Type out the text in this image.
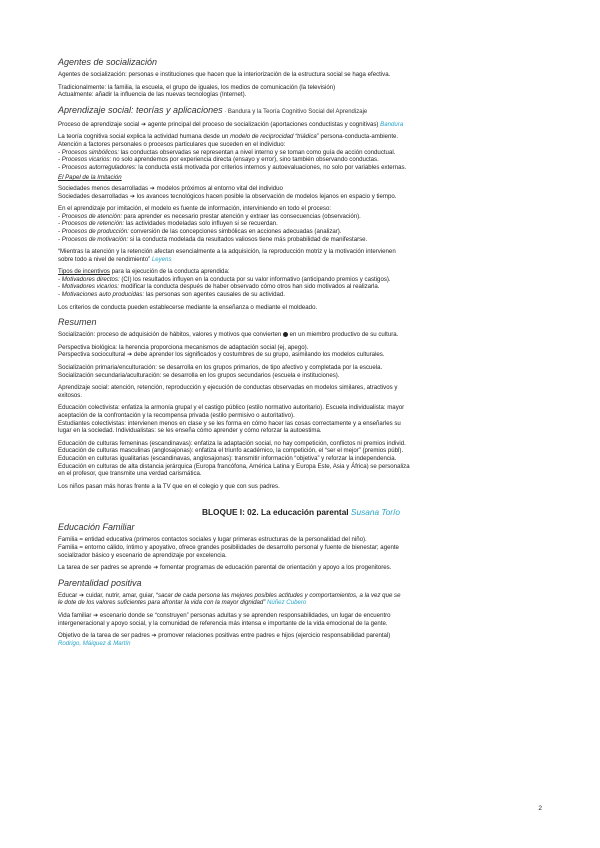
Agentes de socialización

Agentes de socialización: personas e instituciones que hacen que la interiorización de la estructura social se haga efectiva.

Tradicionalmente: la familia, la escuela, el grupo de iguales, los medios de comunicación (la televisión)

Actualmente: añadir la influencia de las nuevas tecnologías (Internet).

Aprendizaje social: teorías y aplicaciones · Bandura y la Teoría Cognitivo Social del Aprendizaje

Proceso de aprendizaje social ➔ agente principal del proceso de socialización (aportaciones conductistas y cognitivas) Bandura

La teoría cognitiva social explica la actividad humana desde un modelo de reciprocidad “triádica” persona-conducta-ambiente.

Atención a factores personales o procesos particulares que suceden en el individuo:

- Procesos simbólicos: las conductas observadas se representan a nivel interno y se toman como guía de acción conductual.

- Procesos vicarios: no solo aprendemos por experiencia directa (ensayo y error), sino también observando conductas.

- Procesos autorreguladores: la conducta está motivada por criterios internos y autoevaluaciones, no solo por variables externas.

El Papel de la Imitación

Sociedades menos desarrolladas ➔ modelos próximos al entorno vital del individuo

Sociedades desarrolladas ➔ los avances tecnológicos hacen posible la observación de modelos lejanos en espacio y tiempo.

En el aprendizaje por imitación, el modelo es fuente de información, interviniendo en todo el proceso:

- Procesos de atención: para aprender es necesario prestar atención y extraer las consecuencias (observación).

- Procesos de retención: las actividades modeladas solo influyen si se recuerdan.

- Procesos de producción: conversión de las concepciones simbólicas en acciones adecuadas (analizar).

- Procesos de motivación: si la conducta modelada da resultados valiosos tiene más probabilidad de manifestarse.

“Mientras la atención y la retención afectan esencialmente a la adquisición, la reproducción motriz y la motivación intervienen

sobre todo a nivel de rendimiento” Leyens

Tipos de incentivos para la ejecución de la conducta aprendida:

- Motivadores directos: (CI) los resultados influyen en la conducta por su valor informativo (anticipando premios y castigos).

- Motivadores vicarios: modificar la conducta después de haber observado cómo otros han sido motivados al realizarla.

- Motivaciones auto producidas: las personas son agentes causales de su actividad.

Los criterios de conducta pueden establecerse mediante la enseñanza o mediante el moldeado.

Resumen

Socialización: proceso de adquisición de hábitos, valores y motivos que convierten  en un miembro productivo de su cultura.

Perspectiva biológica: la herencia proporciona mecanismos de adaptación social (ej, apego).

Perspectiva sociocultural ➔ debe aprender los significados y costumbres de su grupo, asimilando los modelos culturales.

Socialización primaria/enculturación: se desarrolla en los grupos primarios, de tipo afectivo y completada por la escuela.

Socialización secundaria/aculturación: se desarrolla en los grupos secundarios (escuela e instituciones).

Aprendizaje social: atención, retención, reproducción y ejecución de conductas observadas en modelos similares, atractivos y

exitosos.

Educación colectivista: enfatiza la armonía grupal y el castigo público (estilo normativo autoritario). Escuela individualista: mayor

aceptación de la confrontación y la recompensa privada (estilo permisivo o autoritativo).

Estudiantes colectivistas: intervienen menos en clase y se les forma en cómo hacer las cosas correctamente y a enseñarles su

lugar en la sociedad. Individualistas: se les enseña cómo aprender y cómo reforzar la autoestima.

Educación de culturas femeninas (escandinavas): enfatiza la adaptación social, no hay competición, conflictos ni premios individ.

Educación de culturas masculinas (anglosajonas): enfatiza el triunfo académico, la competición, el “ser el mejor” (premios públ).

Educación en culturas igualitarias (escandinavas, anglosajonas): transmitir información “objetiva” y reforzar la independencia.

Educación en culturas de alta distancia jerárquica (Europa francófona, América Latina y Europa Este, Asia y África) se personaliza

en el profesor, que transmite una verdad carismática.

Los niños pasan más horas frente a la TV que en el colegio y que con sus padres.

BLOQUE I: 02. La educación parental Susana Torío

Educación Familiar

Familia = entidad educativa (primeros contactos sociales y lugar primeras estructuras de la personalidad del niño).

Familia = entorno cálido, íntimo y apoyativo, ofrece grandes posibilidades de desarrollo personal y fuente de bienestar; agente

socializador básico y escenario de aprendizaje por excelencia.

La tarea de ser padres se aprende ➔ fomentar programas de educación parental de orientación y apoyo a los progenitores.

Parentalidad positiva

Educar ➔ cuidar, nutrir, amar, guiar, “sacar de cada persona las mejores posibles actitudes y comportamientos, a la vez que se

le dote de los valores suficientes para afrontar la vida con la mayor dignidad” Núñez Cubero

Vida familiar ➔ escenario donde se “construyen” personas adultas y se aprenden responsabilidades, un lugar de encuentro

intergeneracional y apoyo social, y la comunidad de referencia más intensa e importante de la vida emocional de la gente.

Objetivo de la tarea de ser padres ➔ promover relaciones positivas entre padres e hijos (ejercicio responsabilidad parental)

Rodrigo, Máiquez & Martín

2
